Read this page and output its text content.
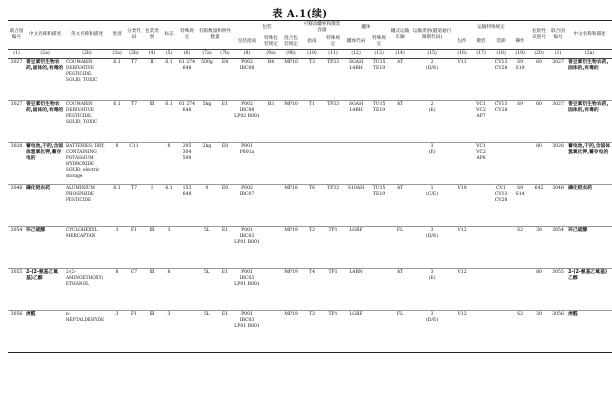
表 A.1(续)
联合国编号	中文名称和描述	英文名称和描述	类别	分类代码	包装类别	标志	特殊规定	有限数量和例外数量		包装			可移动罐柜和散装容器		罐体		罐式运输车辆	运输类别(隧道通行限制代码)	运输特殊规定				危险性识别号	联合国编号	中文名称和描述
										包装指南	特殊包装规定	混合包装规定	指南	特殊规定	罐体代码	特殊规定			包件	散装	装卸	操作			
(1)	(2a)	(2b)	(3a)	(3b)	(4)	(5)	(6)	(7a)	(7b)	(8)	(9a)	(9b)	(10)	(11)	(12)	(13)	(14)	(15)	(16)	(17)	(18)	(19)	(20)	(1)	(2a)
3027	香豆素衍生物农药,固体的,有毒的	COUMARIN DERIVATIVE PESTICIDE, SOLID, TOXIC	6.1	T7	Ⅱ	6.1	61 274 648	500g	E4	P002 IBC08	B4	MP10	T3	TP33	SGAH L4BH	TU15 TE19	AT	2
(D/E)	V11		CV13 CV28	S9 S19	60	3027	香豆素衍生物农药,固体的,有毒的
3027	香豆素衍生物农药,固体的,有毒的	COUMARIN DERIVATIVE PESTICIDE, SOLID, TOXIC	6.1	T7	Ⅲ	6.1	61 274 648	5kg	E1	P002 IBC08 LP02 R001	B3	MP10	T1	TP33	SGAH L4BH	TU15 TE19	AT	2
(E)		VC1 VC2 AP7	CV13 CV28	S9	60	3027	香豆素衍生物农药,固体的,有毒的
3028	蓄电池,干的,含固体氢氧化钾,蓄存电的	BATTERIES, DRY, CONTAINING POTASSIUM HYDROXIDE SOLID, electric storage	8	C11		8	295 304 598	2kg	E0	P801 P801a								3
(E)		VC1 VC2 AP8			80	3028	蓄电池,干的,含固体氢氧化钾,蓄存电的
3048	磷化铝农药	ALUMINIUM PHOSPHIDE PESTICIDE	6.1	T7	Ⅰ	6.1	153 648	0	E0	P002 IBC07		MP18	T6	TP33	S10AH	TU15 TE19	AT	1
(C/E)	V10		CV1 CV13 CV28	S9 S14	642	3048	磷化铝农药
3054	环己硫醇	CYCLOHEXYL MERCAPTAN	3	F1	Ⅲ	3		5L	E1	P001 IBC03 LP01 R001		MP19	T2	TP1	LGBF		FL	3
(D/E)	V12			S2	30	3054	环己硫醇
3055	2-(2-氨基乙氧基)乙醇	2-(2-AMINOETHOXY) ETHANOL	8	C7	Ⅲ	8		5L	E1	P001 IBC03 LP01 R001		MP19	T4	TP1	L4BN		AT	3
(E)	V12				80	3055	2-(2-氨基乙氧基)乙醇
3056	庚醛	n-HEPTALDEHYDE	3	F1	Ⅲ	3		5L	E1	P001 IBC03 LP01 R001		MP19	T2	TP1	LGBF		FL	3
(D/E)	V12			S2	30	3056	庚醛
